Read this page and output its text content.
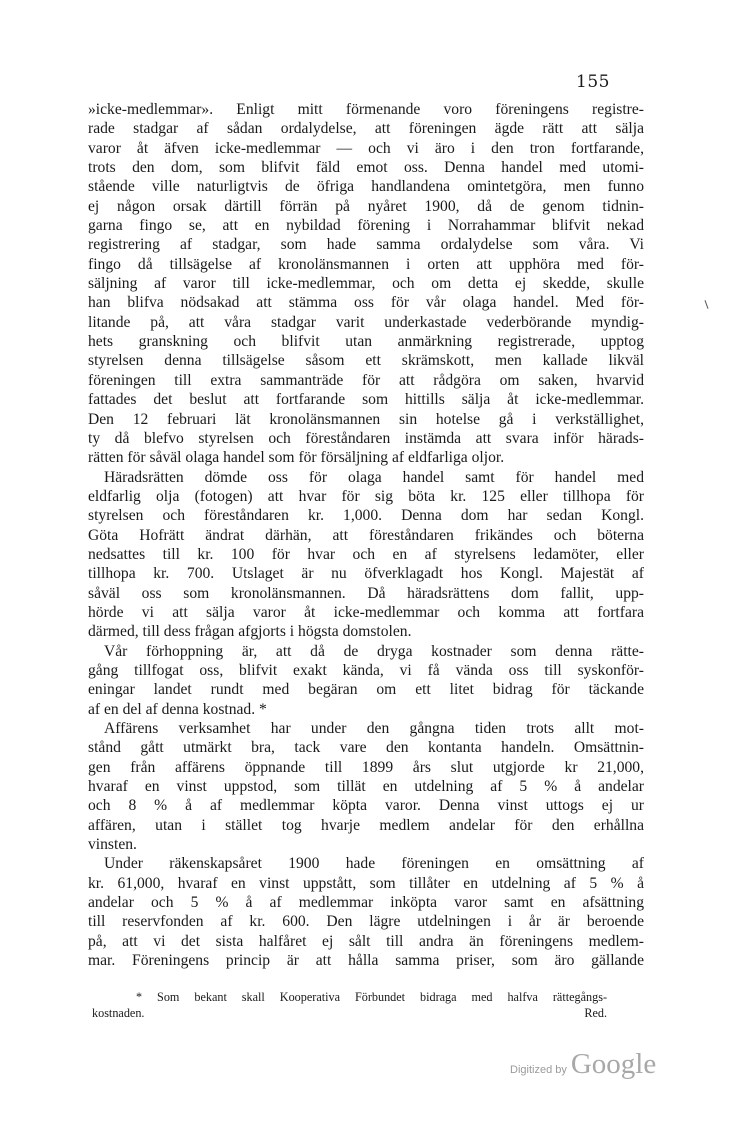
155
»icke-medlemmar». Enligt mitt förmenande voro föreningens registre-
rade stadgar af sådan ordalydelse, att föreningen ägde rätt att sälja
varor åt äfven icke-medlemmar — och vi äro i den tron fortfarande,
trots den dom, som blifvit fäld emot oss. Denna handel med utomi-
stående ville naturligtvis de öfriga handlandena omintetgöra, men funno
ej någon orsak därtill förrän på nyåret 1900, då de genom tidnin-
garna fingo se, att en nybildad förening i Norrahammar blifvit nekad
registrering af stadgar, som hade samma ordalydelse som våra. Vi
fingo då tillsägelse af kronolänsmannen i orten att upphöra med för-
säljning af varor till icke-medlemmar, och om detta ej skedde, skulle
han blifva nödsakad att stämma oss för vår olaga handel. Med för-
litande på, att våra stadgar varit underkastade vederbörande myndig-
hets granskning och blifvit utan anmärkning registrerade, upptog
styrelsen denna tillsägelse såsom ett skrämskott, men kallade likväl
föreningen till extra sammanträde för att rådgöra om saken, hvarvid
fattades det beslut att fortfarande som hittills sälja åt icke-medlemmar.
Den 12 februari lät kronolänsmannen sin hotelse gå i verkställighet,
ty då blefvo styrelsen och föreståndaren instämda att svara inför härads-
rätten för såväl olaga handel som för försäljning af eldfarliga oljor.
Häradsrätten dömde oss för olaga handel samt för handel med
eldfarlig olja (fotogen) att hvar för sig böta kr. 125 eller tillhopa för
styrelsen och föreståndaren kr. 1,000. Denna dom har sedan Kongl.
Göta Hofrätt ändrat därhän, att föreståndaren frikändes och böterna
nedsattes till kr. 100 för hvar och en af styrelsens ledamöter, eller
tillhopa kr. 700. Utslaget är nu öfverklagadt hos Kongl. Majestät af
såväl oss som kronolänsmannen. Då häradsrättens dom fallit, upp-
hörde vi att sälja varor åt icke-medlemmar och komma att fortfara
därmed, till dess frågan afgjorts i högsta domstolen.
Vår förhoppning är, att då de dryga kostnader som denna rätte-
gång tillfogat oss, blifvit exakt kända, vi få vända oss till syskonför-
eningar landet rundt med begäran om ett litet bidrag för täckande
af en del af denna kostnad. *
Affärens verksamhet har under den gångna tiden trots allt mot-
stånd gått utmärkt bra, tack vare den kontanta handeln. Omsättnin-
gen från affärens öppnande till 1899 års slut utgjorde kr 21,000,
hvaraf en vinst uppstod, som tillät en utdelning af 5 % å andelar
och 8 % å af medlemmar köpta varor. Denna vinst uttogs ej ur
affären, utan i stället tog hvarje medlem andelar för den erhållna
vinsten.
Under räkenskapsåret 1900 hade föreningen en omsättning af
kr. 61,000, hvaraf en vinst uppstått, som tillåter en utdelning af 5 % å
andelar och 5 % å af medlemmar inköpta varor samt en afsättning
till reservfonden af kr. 600. Den lägre utdelningen i år är beroende
på, att vi det sista halfåret ej sålt till andra än föreningens medlem-
mar. Föreningens princip är att hålla samma priser, som äro gällande
* Som bekant skall Kooperativa Förbundet bidraga med halfva rättegångs-
kostnaden.	Red.
Digitized by Google
